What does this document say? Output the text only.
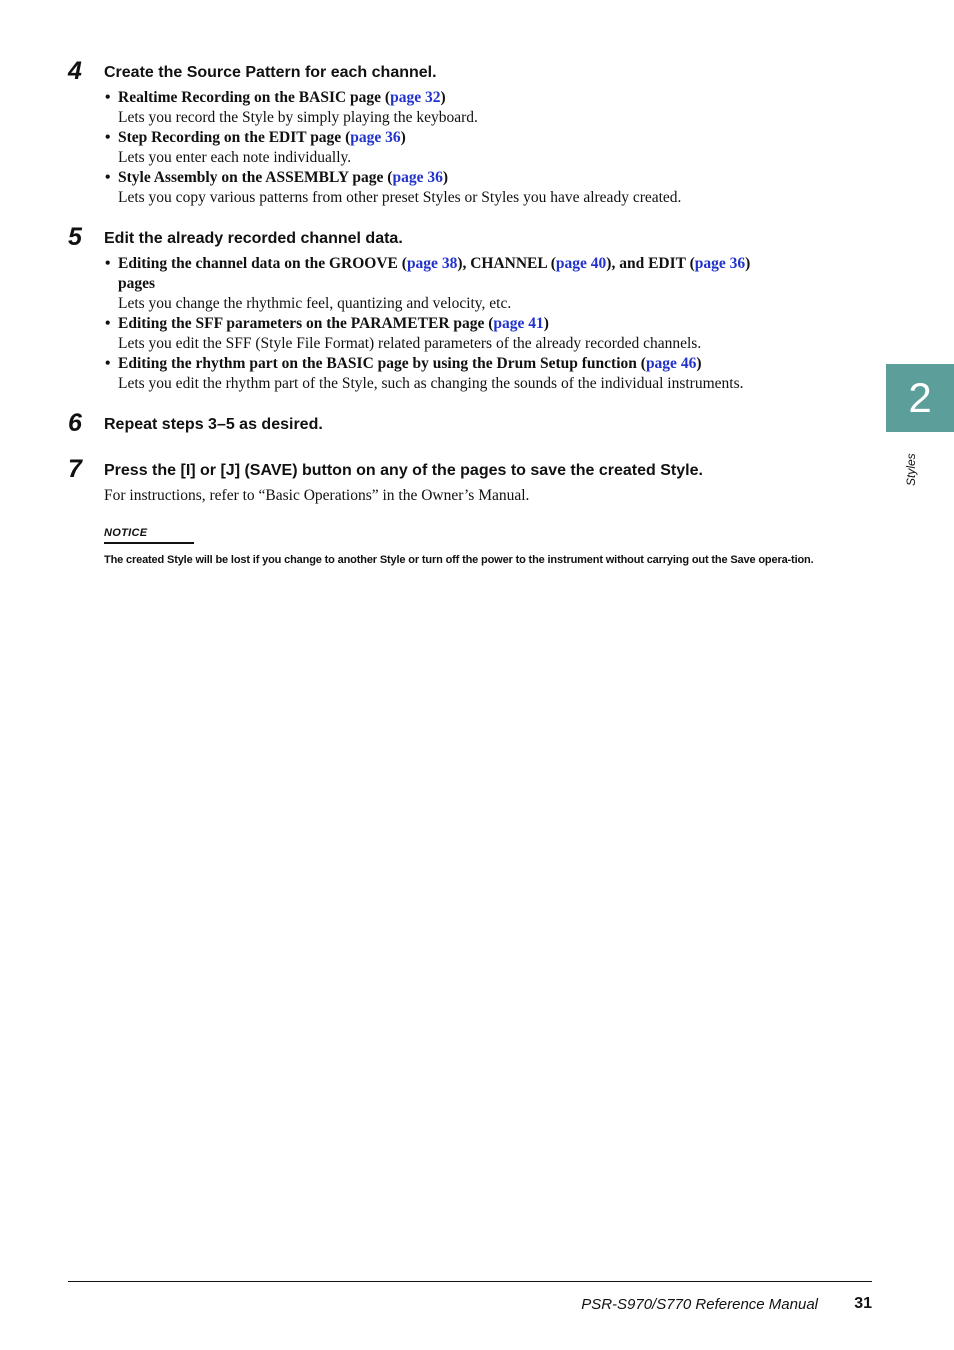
4 Create the Source Pattern for each channel.
• Realtime Recording on the BASIC page (page 32)
Lets you record the Style by simply playing the keyboard.
• Step Recording on the EDIT page (page 36)
Lets you enter each note individually.
• Style Assembly on the ASSEMBLY page (page 36)
Lets you copy various patterns from other preset Styles or Styles you have already created.
5 Edit the already recorded channel data.
• Editing the channel data on the GROOVE (page 38), CHANNEL (page 40), and EDIT (page 36)
pages
Lets you change the rhythmic feel, quantizing and velocity, etc.
• Editing the SFF parameters on the PARAMETER page (page 41)
Lets you edit the SFF (Style File Format) related parameters of the already recorded channels.
• Editing the rhythm part on the BASIC page by using the Drum Setup function (page 46)
Lets you edit the rhythm part of the Style, such as changing the sounds of the individual instruments.
6 Repeat steps 3–5 as desired.
7 Press the [I] or [J] (SAVE) button on any of the pages to save the created Style.
For instructions, refer to “Basic Operations” in the Owner’s Manual.
NOTICE
The created Style will be lost if you change to another Style or turn off the power to the instrument without carrying out the Save opera-tion.
2
Styles
PSR-S970/S770 Reference Manual 31
